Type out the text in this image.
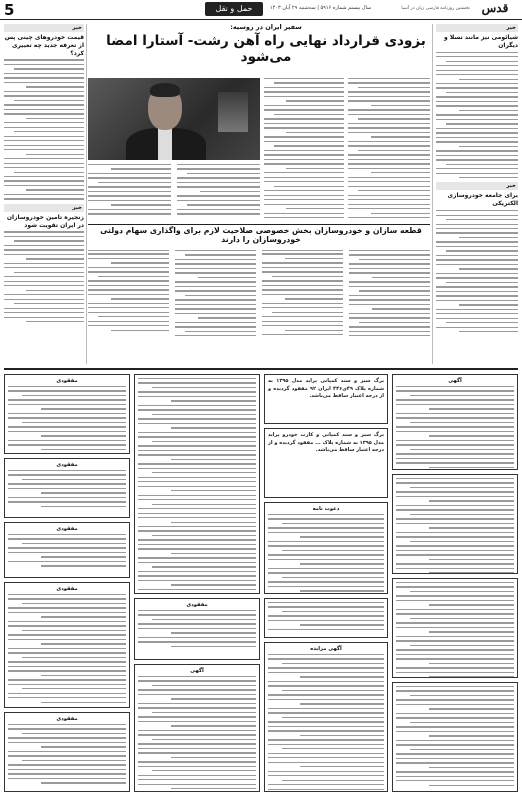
5	حمل و نقل	سال بیستم شماره ۵۹۱۶ | سه‌شنبه ۲۹ آبان ۱۴۰۳	نخستین روزنامه فارسی زبان در آسیا قدس
خبر
شیائومی نیز مانند تسلا و دیگران
خبر
برای جامعه خودروسازی الکتریکی
خبر
قیمت خودروهای چینی پس از تعرفه جدید چه تغییری کرد؟
خبر
زنجیره تامین خودروسازان در ایران تقویت شود
سفیر ایران در روسیه:
بزودی قرارداد نهایی راه آهن رشت- آستارا امضا می‌شود
قطعه سازان و خودروسازان بخش خصوصی صلاحیت لازم برای واگذاری سهام دولتی خودروسازان را دارند
آگهی
برگ سبز و سند کمپانی پراید مدل ۱۳۹۵ به شماره پلاک ۴۹ی۴۴۶ ایران ۹۲ مفقود گردیده و از درجه اعتبار ساقط می‌باشد.
برگ سبز و سند کمپانی و کارت خودرو پراید مدل ۱۳۹۵ به شماره پلاک ... مفقود گردیده و از درجه اعتبار ساقط می‌باشد.
دعوت نامه
آگهی مزایده
مفقودی
آگهی
مفقودی
مفقودی
مفقودی
مفقودی
مفقودی
